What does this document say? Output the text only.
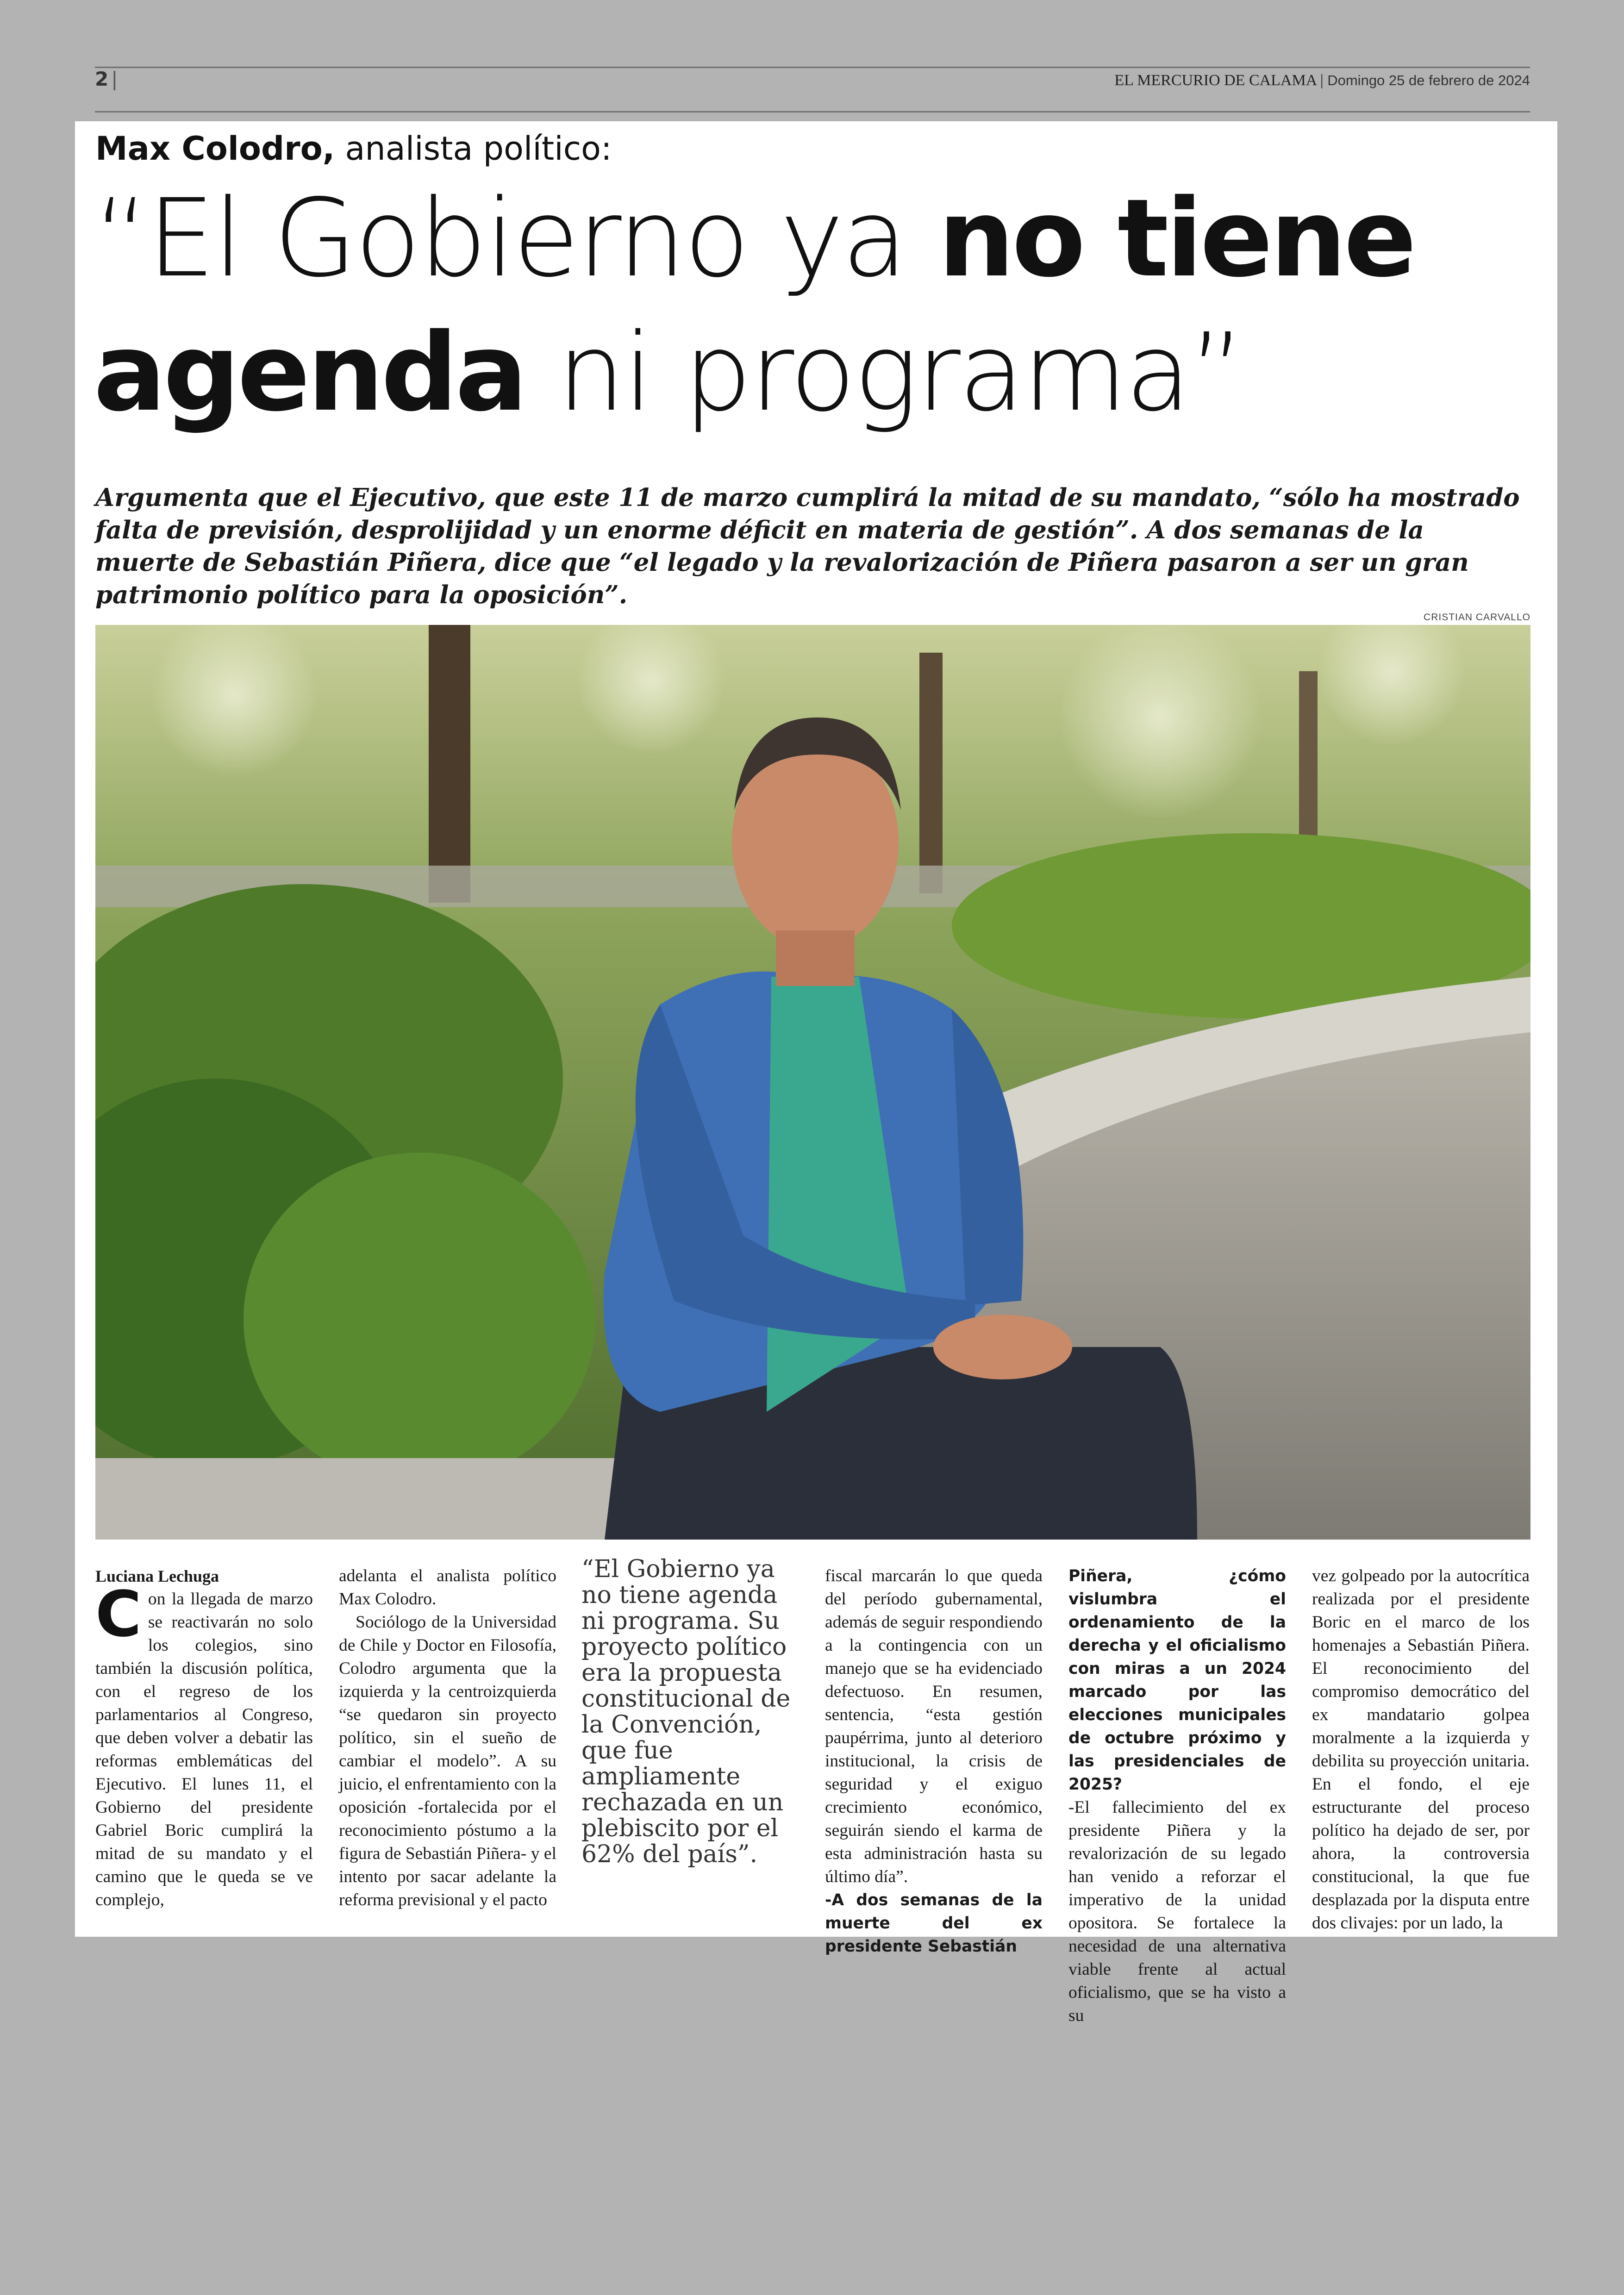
2 |	EL MERCURIO DE CALAMA | Domingo 25 de febrero de 2024
Max Colodro, analista político:
“El Gobierno ya no tiene
agenda ni programa”
Argumenta que el Ejecutivo, que este 11 de marzo cumplirá la mitad de su mandato, “sólo ha mostrado falta de previsión, desprolijidad y un enorme déficit en materia de gestión”. A dos semanas de la muerte de Sebastián Piñera, dice que “el legado y la revalorización de Piñera pasaron a ser un gran patrimonio político para la oposición”.
CRISTIAN CARVALLO

Luciana Lechuga

Con la llegada de marzo se reactivarán no solo los colegios, sino también la discusión política, con el regreso de los parlamentarios al Congreso, que deben volver a debatir las reformas emblemáticas del Ejecutivo. El lunes 11, el Gobierno del presidente Gabriel Boric cumplirá la mitad de su mandato y el camino que le queda se ve complejo,

adelanta el analista político Max Colodro.

Sociólogo de la Universidad de Chile y Doctor en Filosofía, Colodro argumenta que la izquierda y la centroizquierda “se quedaron sin proyecto político, sin el sueño de cambiar el modelo”. A su juicio, el enfrentamiento con la oposición -fortalecida por el reconocimiento póstumo a la figura de Sebastián Piñera- y el intento por sacar adelante la reforma previsional y el pacto

“El Gobierno ya no tiene agenda ni programa. Su proyecto político era la propuesta constitucional de la Convención, que fue ampliamente rechazada en un plebiscito por el 62% del país”.

fiscal marcarán lo que queda del período gubernamental, además de seguir respondiendo a la contingencia con un manejo que se ha evidenciado defectuoso. En resumen, sentencia, “esta gestión paupérrima, junto al deterioro institucional, la crisis de seguridad y el exiguo crecimiento económico, seguirán siendo el karma de esta administración hasta su último día”.

-A dos semanas de la muerte del ex presidente Sebastián

Piñera, ¿cómo vislumbra el ordenamiento de la derecha y el oficialismo con miras a un 2024 marcado por las elecciones municipales de octubre próximo y las presidenciales de 2025?

-El fallecimiento del ex presidente Piñera y la revalorización de su legado han venido a reforzar el imperativo de la unidad opositora. Se fortalece la necesidad de una alternativa viable frente al actual oficialismo, que se ha visto a su

vez golpeado por la autocrítica realizada por el presidente Boric en el marco de los homenajes a Sebastián Piñera. El reconocimiento del compromiso democrático del ex mandatario golpea moralmente a la izquierda y debilita su proyección unitaria. En el fondo, el eje estructurante del proceso político ha dejado de ser, por ahora, la controversia constitucional, la que fue desplazada por la disputa entre dos clivajes: por un lado, la
